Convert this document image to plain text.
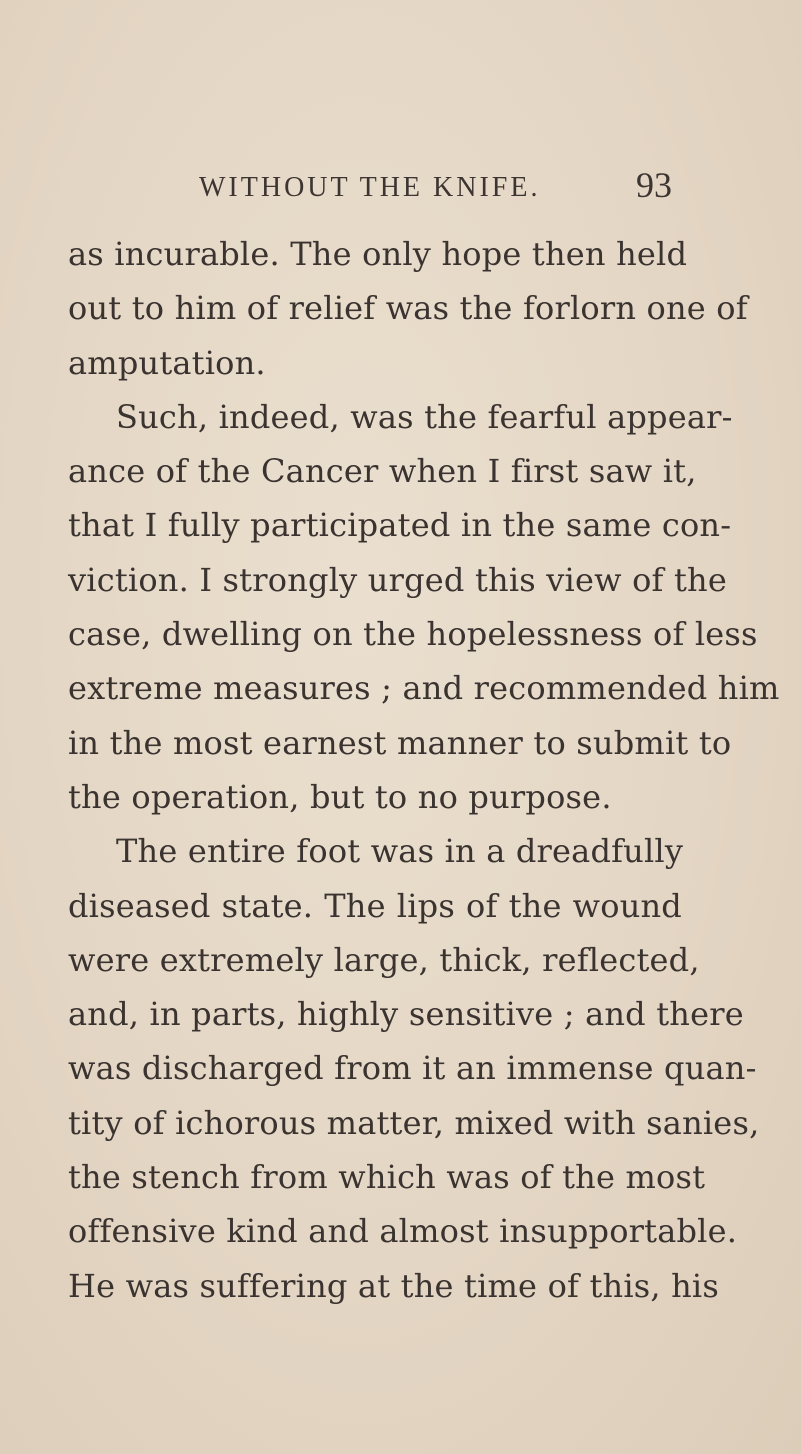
WITHOUT THE KNIFE.	93
as incurable. The only hope then held
out to him of relief was the forlorn one of
amputation.
Such, indeed, was the fearful appear-
ance of the Cancer when I first saw it,
that I fully participated in the same con-
viction. I strongly urged this view of the
case, dwelling on the hopelessness of less
extreme measures ; and recommended him
in the most earnest manner to submit to
the operation, but to no purpose.
The entire foot was in a dreadfully
diseased state. The lips of the wound
were extremely large, thick, reflected,
and, in parts, highly sensitive ; and there
was discharged from it an immense quan-
tity of ichorous matter, mixed with sanies,
the stench from which was of the most
offensive kind and almost insupportable.
He was suffering at the time of this, his
